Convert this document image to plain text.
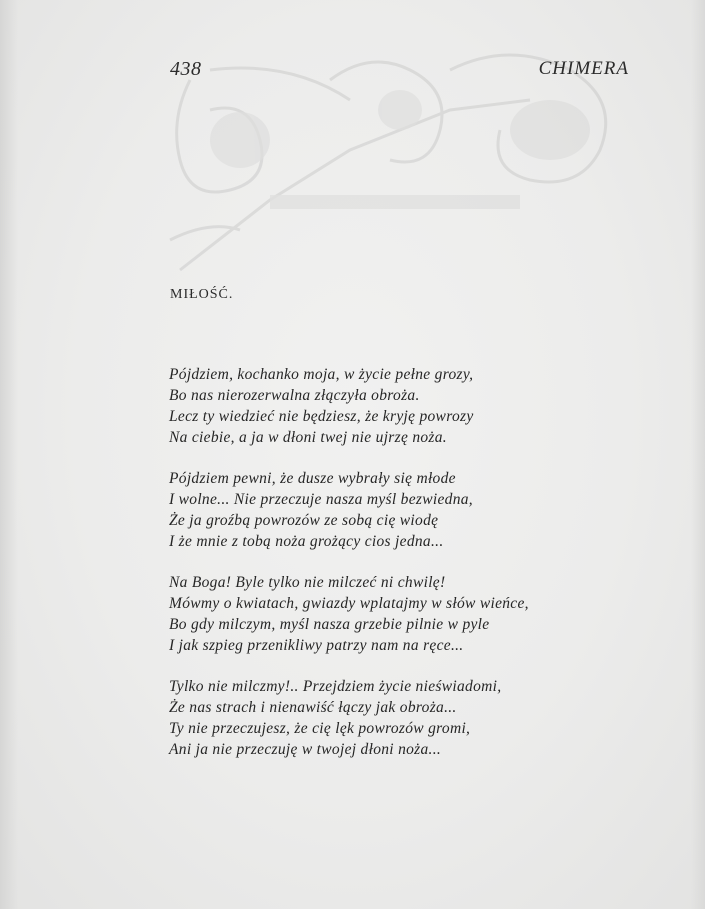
438	CHIMERA
MIŁOŚĆ.
Pójdziem, kochanko moja, w życie pełne grozy,
Bo nas nierozerwalna złączyła obroża.
Lecz ty wiedzieć nie będziesz, że kryję powrozy
Na ciebie, a ja w dłoni twej nie ujrzę noża.
Pójdziem pewni, że dusze wybrały się młode
I wolne... Nie przeczuje nasza myśl bezwiedna,
Że ja groźbą powrozów ze sobą cię wiodę
I że mnie z tobą noża grożący cios jedna...
Na Boga! Byle tylko nie milczeć ni chwilę!
Mówmy o kwiatach, gwiazdy wplatajmy w słów wieńce,
Bo gdy milczym, myśl nasza grzebie pilnie w pyle
I jak szpieg przenikliwy patrzy nam na ręce...
Tylko nie milczmy!.. Przejdziem życie nieświadomi,
Że nas strach i nienawiść łączy jak obroża...
Ty nie przeczujesz, że cię lęk powrozów gromi,
Ani ja nie przeczuję w twojej dłoni noża...
